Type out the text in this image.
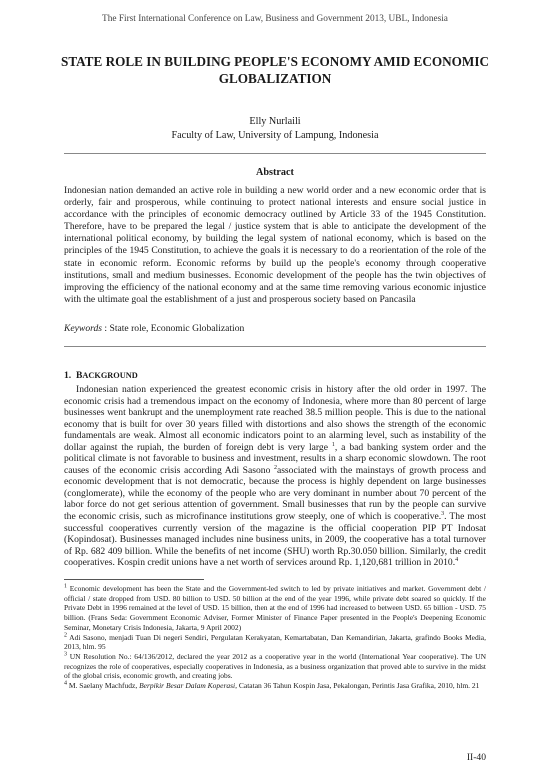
The First International Conference on Law, Business and Government 2013, UBL, Indonesia
STATE ROLE IN BUILDING PEOPLE'S ECONOMY AMID ECONOMIC GLOBALIZATION
Elly Nurlaili
Faculty of Law, University of Lampung, Indonesia
Abstract
Indonesian nation demanded an active role in building a new world order and a new economic order that is orderly, fair and prosperous, while continuing to protect national interests and ensure social justice in accordance with the principles of economic democracy outlined by Article 33 of the 1945 Constitution. Therefore, have to be prepared the legal / justice system that is able to anticipate the development of the international political economy, by building the legal system of national economy, which is based on the principles of the 1945 Constitution, to achieve the goals it is necessary to do a reorientation of the role of the state in economic reform. Economic reforms by build up the people's economy through cooperative institutions, small and medium businesses. Economic development of the people has the twin objectives of improving the efficiency of the national economy and at the same time removing various economic injustice with the ultimate goal the establishment of a just and prosperous society based on Pancasila
Keywords : State role, Economic Globalization
1. BACKGROUND

Indonesian nation experienced the greatest economic crisis in history after the old order in 1997. The economic crisis had a tremendous impact on the economy of Indonesia, where more than 80 percent of large businesses went bankrupt and the unemployment rate reached 38.5 million people. This is due to the national economy that is built for over 30 years filled with distortions and also shows the strength of the economic fundamentals are weak. Almost all economic indicators point to an alarming level, such as instability of the dollar against the rupiah, the burden of foreign debt is very large $^1$, a bad banking system order and the political climate is not favorable to business and investment, results in a sharp economic slowdown. The root causes of the economic crisis according Adi Sasono $^2$associated with the mainstays of growth process and economic development that is not democratic, because the process is highly dependent on large businesses (conglomerate), while the economy of the people who are very dominant in number about 70 percent of the labor force do not get serious attention of government. Small businesses that run by the people can survive the economic crisis, such as microfinance institutions grow steeply, one of which is cooperative.$^3$. The most successful cooperatives currently version of the magazine is the official cooperation PIP PT Indosat (Kopindosat). Businesses managed includes nine business units, in 2009, the cooperative has a total turnover of Rp. 682 409 billion. While the benefits of net income (SHU) worth Rp.30.050 billion. Similarly, the credit cooperatives. Kospin credit unions have a net worth of services around Rp. 1,120,681 trillion in 2010.$^4$

$^1$ Economic development has been the State and the Government-led switch to led by private initiatives and market. Government debt / official / state dropped from USD. 80 billion to USD. 50 billion at the end of the year 1996, while private debt soared so quickly. If the Private Debt in 1996 remained at the level of USD. 15 billion, then at the end of 1996 had increased to between USD. 65 billion - USD. 75 billion. (Frans Seda: Government Economic Adviser, Former Minister of Finance Paper presented in the People's Deepening Economic Seminar, Monetary Crisis Indonesia, Jakarta, 9 April 2002)

$^2$ Adi Sasono, menjadi Tuan Di negeri Sendiri, Pergulatan Kerakyatan, Kemartabatan, Dan Kemandirian, Jakarta, grafindo Books Media, 2013, hlm. 95

$^3$ UN Resolution No.: 64/136/2012, declared the year 2012 as a cooperative year in the world (International Year cooperative). The UN recognizes the role of cooperatives, especially cooperatives in Indonesia, as a business organization that proved able to survive in the midst of the global crisis, economic growth, and creating jobs.

$^4$ M. Saelany Machfudz, Berpikir Besar Dalam Koperasi, Catatan 36 Tahun Kospin Jasa, Pekalongan, Perintis Jasa Grafika, 2010, hlm. 21

II-40
